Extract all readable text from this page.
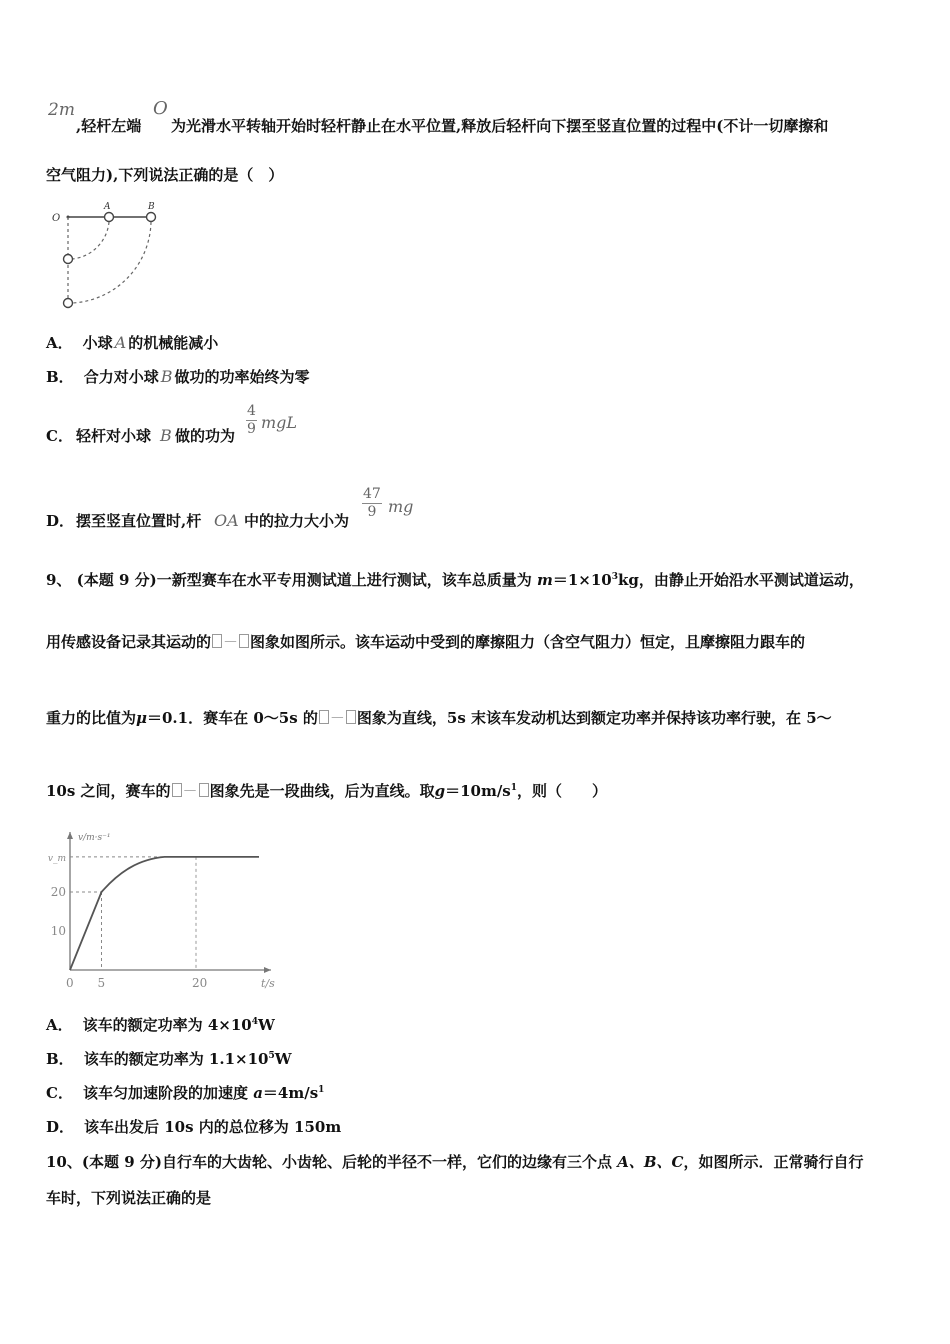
2m
,轻杆左端
O
为光滑水平转轴开始时轻杆静止在水平位置,释放后轻杆向下摆至竖直位置的过程中(不计一切摩擦和
空气阻力),下列说法正确的是（　）
O
A	B
A． 小球 A 的机械能减小
B． 合力对小球 B 做功的功率始终为零
C． 轻杆对小球 B 做的功为 $\frac{4}{9}$ mgL
D． 摆至竖直位置时,杆 OA 中的拉力大小为 $\frac{47}{9}$ mg
9、 (本题 9 分)一新型赛车在水平专用测试道上进行测试，该车总质量为 $m=1\times 10^3kg$，由静止开始沿水平测试道运动，
用传感设备记录其运动的 － 图象如图所示。该车运动中受到的摩擦阻力（含空气阻力）恒定，且摩擦阻力跟车的
重力的比值为μ＝0.1．赛车在 0～5s 的 － 图象为直线，5s 末该车发动机达到额定功率并保持该功率行驶，在 5～
10s 之间，赛车的 － 图象先是一段曲线，后为直线。取$g=10m/s^1$，则（　　）
v/m·s⁻¹
t/s
0 5	20
10
20
v_m
A． 该车的额定功率为 $4\times 10^4W$
B． 该车的额定功率为 $1.1\times 10^5W$
C． 该车匀加速阶段的加速度 $a=4m/s^1$
D． 该车出发后 10s 内的总位移为 150m
10、(本题 9 分)自行车的大齿轮、小齿轮、后轮的半径不一样，它们的边缘有三个点 A、B、C，如图所示．正常骑行自行
车时，下列说法正确的是
